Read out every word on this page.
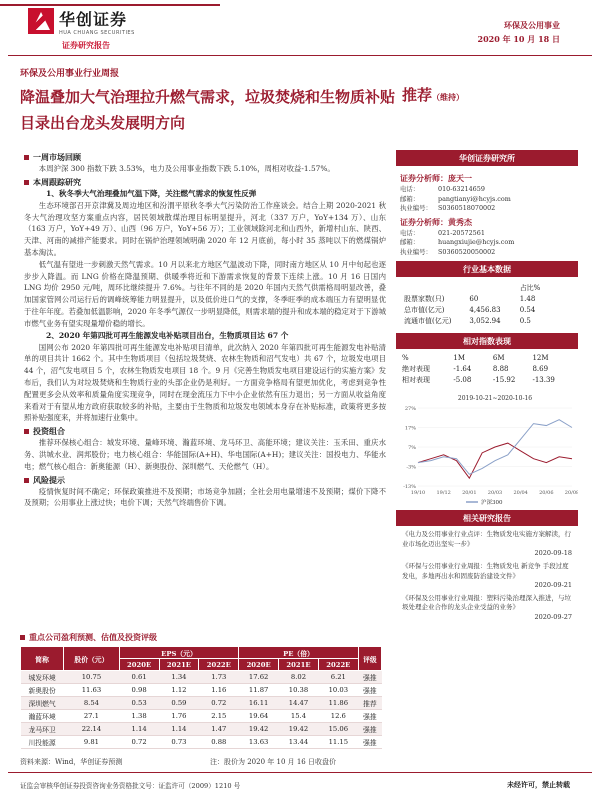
华创证券
HUA CHUANG SECURITIES
证券研究报告
环保及公用事业
2020 年 10 月 18 日
环保及公用事业行业周报
降温叠加大气治理拉升燃气需求，垃圾焚烧和生物质补贴目录出台龙头发展明方向
推荐（维持）
一周市场回顾
本周沪深 300 指数下跌 3.53%，电力及公用事业指数下跌 5.10%，周相对收益-1.57%。
本周跟踪研究
1、秋冬季大气治理叠加气温下降，关注燃气需求的恢复性反弹
生态环境部召开京津冀及周边地区和汾渭平原秋冬季大气污染防治工作座谈会。结合上期 2020-2021 秋冬大气治理攻坚方案重点内容，居民领域散煤治理目标明显提升，河北（337 万户，YoY+134 万）、山东（163 万户，YoY+49 万）、山西（96 万户，YoY+56 万）；工业领域除河北和山西外，新增村山东、陕西、天津、河南的减排产能要求。同时在锅炉治理领域明确 2020 年 12 月底前，每小时 35 蒸吨以下的燃煤锅炉基本淘汰。
低气温有望进一步刺激天然气需求。10 月以来北方地区气温波动下降，同时南方地区从 10 月中旬起也逐步步入降温。而 LNG 价格在降温预期、供暖季将近和下游需求恢复的背景下连续上涨。10 月 16 日国内 LNG 均价 2950 元/吨，周环比继续提升 7.6%。与往年不同的是 2020 年国内天然气供需格局明显改善，叠加国家管网公司运行后的调峰统筹能力明显提升，以及低价进口气的支撑，冬季旺季的成本端压力有望明显优于往年年度。若叠加低温影响，2020 年冬季气源仅一步明显降低，则需求端的提升和成本端的稳定对于下游城市燃气业务有望实现量增价稳的增长。
2、2020 年第四批可再生能源发电补贴项目出台，生物质项目达 67 个
国网公布 2020 年第四批可再生能源发电补贴项目清单，此次纳入 2020 年第四批可再生能源发电补贴清单的项目共计 1662 个。其中生物质项目（包括垃圾焚烧、农林生物质和沼气发电）共 67 个，垃圾发电项目 44 个，沼气发电项目 5 个，农林生物质发电项目 18 个。9 月《完善生物质发电项目建设运行的实施方案》发布后，我们认为对垃圾焚烧和生物质行业的头部企业仍是利好。一方面竞争格局有望更加优化，考虑到竞争性配置更多会从效率和质量角度实现竞争，同时在现金流压力下中小企业依然有压力退出；另一方面从收益角度来看对于有望从地方政府获取较多的补贴，主要由于生物质和垃圾发电领域本身存在补贴标准，政策将更多按照补贴强度来，并将加速行业集中。
投资组合
推荐环保核心组合：城发环境、量峰环境、瀚蓝环境、龙马环卫、高能环境；建议关注：玉禾田、重庆水务、洪城水业、润邦股份；电力核心组合：华能国际(A+H)、华电国际(A+H)；建议关注：国投电力、华能水电；燃气核心组合：新奥能源（H）、新奥股份、深圳燃气、天伦燃气（H）。
风险提示
疫情恢复时间不确定；环保政策推进不及预期；市场竞争加剧；全社会用电量增速不及预期；煤价下降不及预期；公用事业上涨过快；电价下调；天然气终端售价下调。
华创证券研究所
证券分析师：庞天一
电话：	010-63214659
邮箱：	pangtianyi@hcyjs.com
执业编号： S0360518070002
证券分析师：黄秀杰
电话：	021-20572561
邮箱：	huangxiujie@hcyjs.com
执业编号： S0360520050002
行业基本数据
占比%
股票家数(只)	60	1.48
总市值(亿元)	4,456.83	0.54
流通市值(亿元)	3,052.94	0.5
相对指数表现
%	1M	6M	12M
绝对表现	-1.64	8.88	8.69
相对表现	-5.08	-15.92	-13.39
2019-10-21~2020-10-16
27%
17%
7%
-3%
-13%
19/10 19/12 20/01 20/03 20/04 20/06 20/08
沪深300
相关研究报告
《电力及公用事业行业点评：生物质发电实施方案解读，行业市场化迈出坚实一步》
2020-09-18
《环保与公用事业行业周报：生物质发电 新竞争 手段过度发电，多地再出水和固废防治建设文件》
2020-09-21
《环保及公用事业行业周报：塑料污染治理深入推进，与垃圾处理企业合作的龙头企业受益的业务》
2020-09-27
重点公司盈利预测、估值及投资评级
简称	股价（元）	EPS（元）			PE（倍）			评级
		2020E	2021E	2022E	2020E	2021E	2022E	
城发环境	10.75	0.61	1.34	1.73	17.62	8.02	6.21	强推
新奥股份	11.63	0.98	1.12	1.16	11.87	10.38	10.03	强推
深圳燃气	8.54	0.53	0.59	0.72	16.11	14.47	11.86	推荐
瀚蓝环境	27.1	1.38	1.76	2.15	19.64	15.4	12.6	强推
龙马环卫	22.14	1.14	1.14	1.47	19.42	19.42	15.06	强推
川投能源	9.81	0.72	0.73	0.88	13.63	13.44	11.15	强推
资料来源：Wind，华创证券预测	注：股价为 2020 年 10 月 16 日收盘价
证监会审核华创证券投资咨询业务资格批文号：证监许可（2009）1210 号	未经许可，禁止转载
